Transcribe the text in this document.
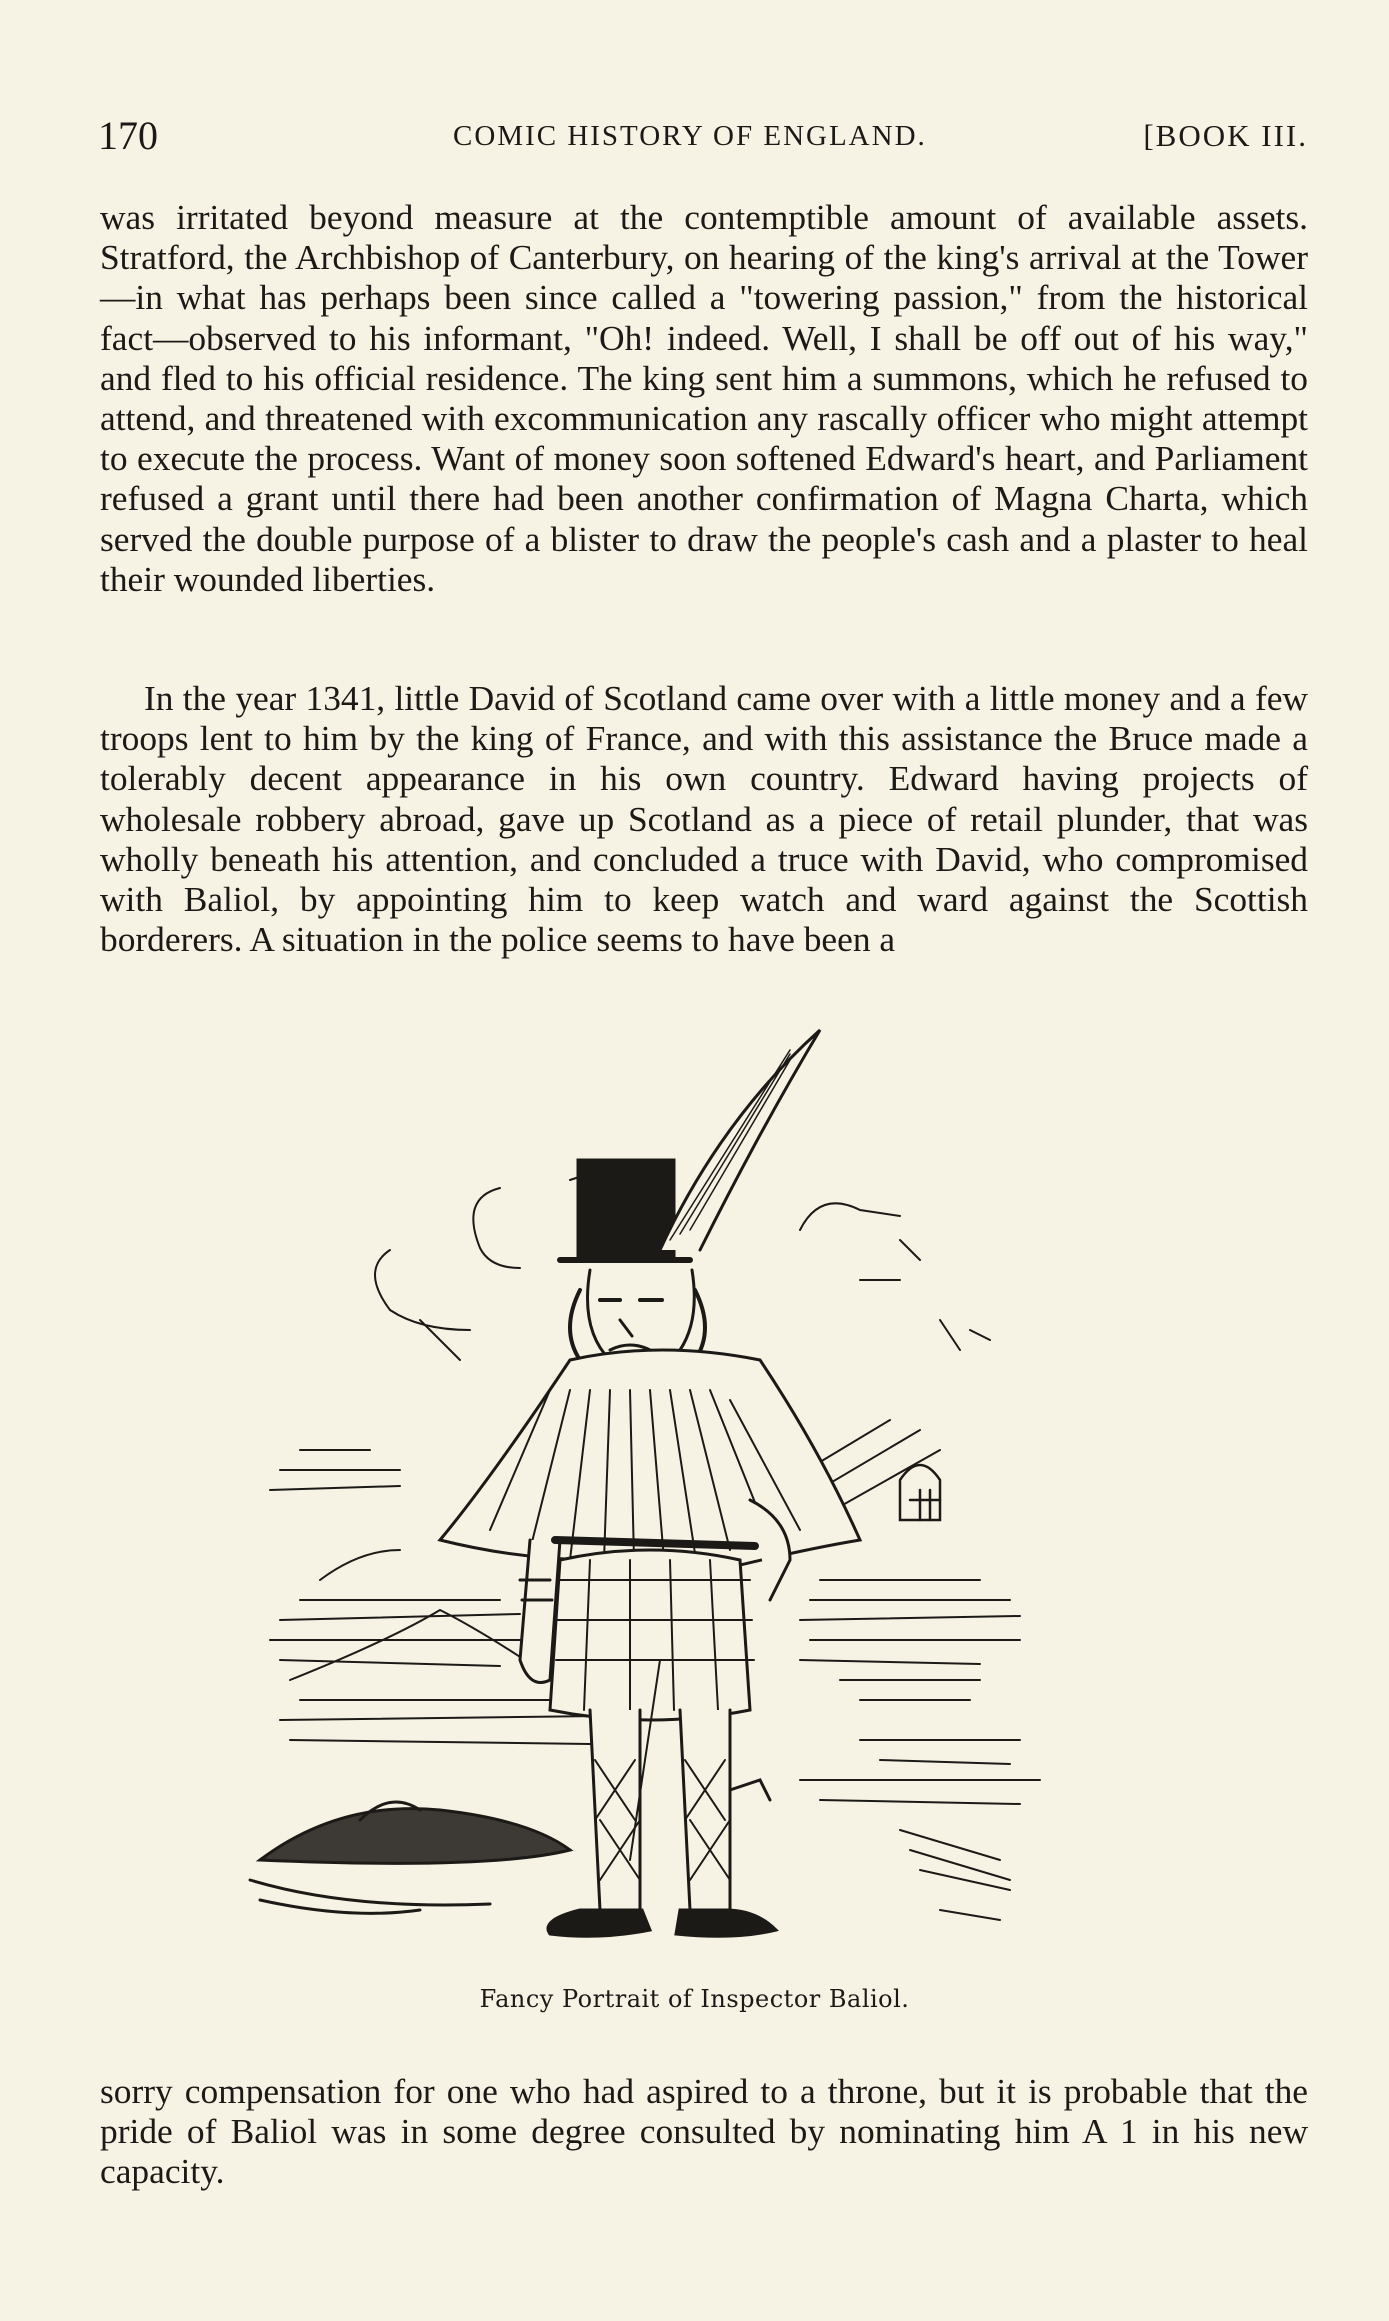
170	COMIC HISTORY OF ENGLAND.	[BOOK III.

was irritated beyond measure at the contemptible amount of available assets. Stratford, the Archbishop of Canterbury, on hearing of the king's arrival at the Tower—in what has perhaps been since called a "towering passion," from the historical fact—observed to his informant, "Oh! indeed. Well, I shall be off out of his way," and fled to his official residence. The king sent him a summons, which he refused to attend, and threatened with excommunication any rascally officer who might attempt to execute the process. Want of money soon softened Edward's heart, and Parliament refused a grant until there had been another confirmation of Magna Charta, which served the double purpose of a blister to draw the people's cash and a plaster to heal their wounded liberties.

In the year 1341, little David of Scotland came over with a little money and a few troops lent to him by the king of France, and with this assistance the Bruce made a tolerably decent appearance in his own country. Edward having projects of wholesale robbery abroad, gave up Scotland as a piece of retail plunder, that was wholly beneath his attention, and concluded a truce with David, who compromised with Baliol, by appointing him to keep watch and ward against the Scottish borderers. A situation in the police seems to have been a

Fancy Portrait of Inspector Baliol.

sorry compensation for one who had aspired to a throne, but it is probable that the pride of Baliol was in some degree consulted by nominating him A 1 in his new capacity.
